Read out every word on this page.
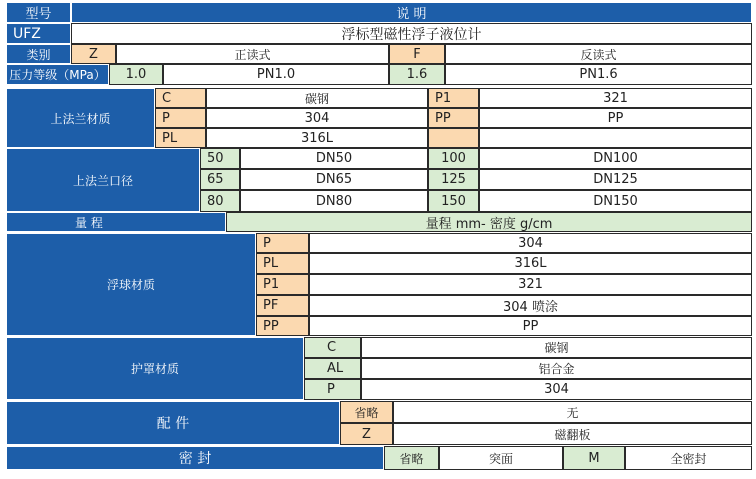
型号	说 明
UFZ	浮标型磁性浮子液位计
类别	Z	正读式	F	反读式
压力等级（MPa）	1.0	PN1.0	1.6	PN1.6
上法兰材质
C	碳钢	P1	321
P	304	PP	PP
PL	316L
上法兰口径
50	DN50	100	DN100
65	DN65	125	DN125
80	DN80	150	DN150
量 程	量程 mm- 密度 g/cm
浮球材质
P	304
PL	316L
P1	321
PF	304 喷涂
PP	PP
护罩材质
C	碳钢
AL	铝合金
P	304
配 件
省略	无
Z	磁翻板
密 封	省略	突面	M	全密封
